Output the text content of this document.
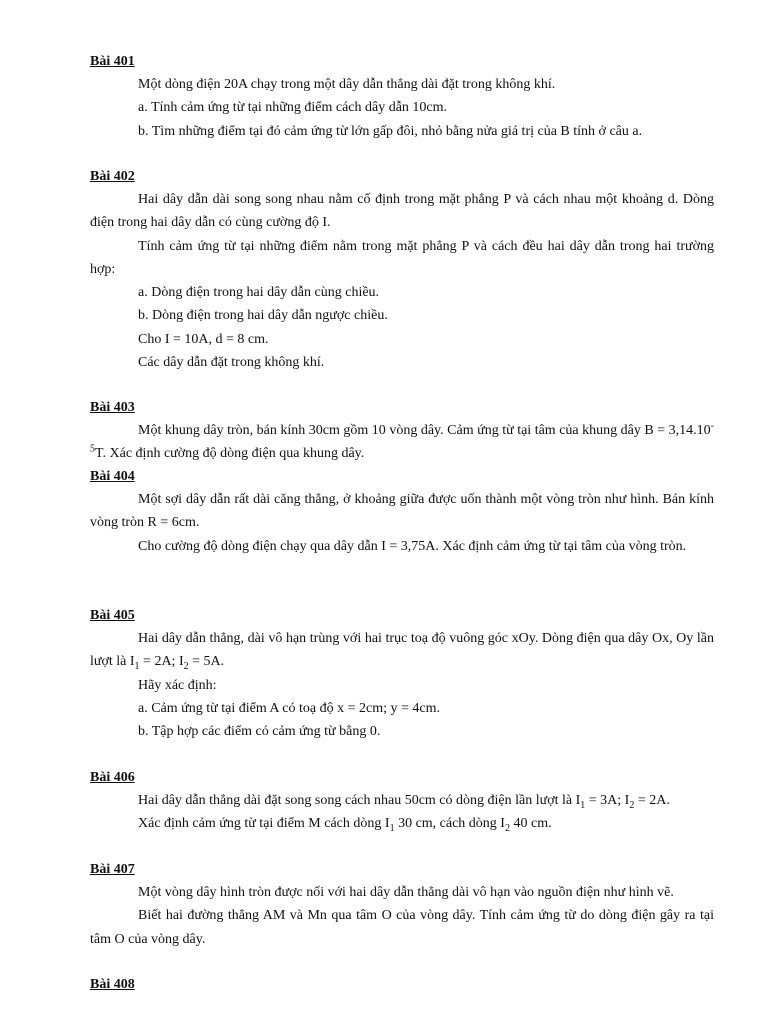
Bài 401
Một dòng điện 20A chạy trong một dây dẫn thẳng dài đặt trong không khí.
a. Tính cảm ứng từ tại những điểm cách dây dẫn 10cm.
b. Tìm những điểm tại đó cảm ứng từ lớn gấp đôi, nhỏ bằng nửa giá trị của B tính ở câu a.
Bài 402
Hai dây dẫn dài song song nhau nằm cố định trong mặt phẳng P và cách nhau một khoảng d. Dòng điện trong hai dây dẫn có cùng cường độ I.
Tính cảm ứng từ tại những điểm nằm trong mặt phẳng P và cách đều hai dây dẫn trong hai trường hợp:
a. Dòng điện trong hai dây dẫn cùng chiều.
b. Dòng điện trong hai dây dẫn ngược chiều.
Cho I = 10A, d = 8 cm.
Các dây dẫn đặt trong không khí.
Bài 403
Một khung dây tròn, bán kính 30cm gồm 10 vòng dây. Cảm ứng từ tại tâm của khung dây $B = 3,14.10^{-5}T$. Xác định cường độ dòng điện qua khung dây.
Bài 404
Một sợi dây dẫn rất dài căng thẳng, ở khoảng giữa được uốn thành một vòng tròn như hình. Bán kính vòng tròn R = 6cm.
Cho cường độ dòng điện chạy qua dây dẫn I = 3,75A. Xác định cảm ứng từ tại tâm của vòng tròn.
Bài 405
Hai dây dẫn thẳng, dài vô hạn trùng với hai trục toạ độ vuông góc xOy. Dòng điện qua dây Ox, Oy lần lượt là $I_1 = 2A$; $I_2 = 5A$.
Hãy xác định:
a. Cảm ứng từ tại điểm A có toạ độ x = 2cm; y = 4cm.
b. Tập hợp các điểm có cảm ứng từ bằng 0.
Bài 406
Hai dây dẫn thẳng dài đặt song song cách nhau 50cm có dòng điện lần lượt là $I_1 = 3A$; $I_2 = 2A$.
Xác định cảm ứng từ tại điểm M cách dòng $I_1$ 30 cm, cách dòng $I_2$ 40 cm.
Bài 407
Một vòng dây hình tròn được nối với hai dây dẫn thẳng dài vô hạn vào nguồn điện như hình vẽ.
Biết hai đường thẳng AM và Mn qua tâm O của vòng dây. Tính cảm ứng từ do dòng điện gây ra tại tâm O của vòng dây.
Bài 408
